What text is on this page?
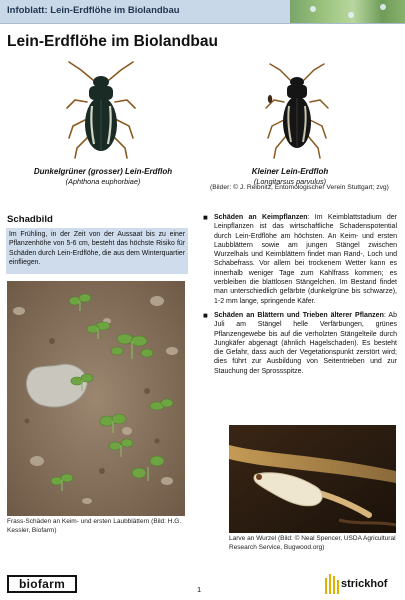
Infoblatt: Lein-Erdflöhe im Biolandbau
Lein-Erdflöhe im Biolandbau
Dunkelgrüner (grosser) Lein-Erdfloh
(Aphthona euphorbiae)
Kleiner Lein-Erdfloh
(Longitarsus parvulus)
(Bilder: © J. Reibnitz, Entomologischer Verein Stuttgart; zvg)
Schadbild
Im Frühling, in der Zeit von der Aussaat bis zu einer Pflanzenhöhe von 5-6 cm, besteht das höchste Risiko für Schäden durch Lein-Erdflöhe, die aus dem Winterquartier einfliegen.
Frass-Schäden an Keim- und ersten Laubblättern (Bild: H.G. Kessler, Biofarm)
■ Schäden an Keimpflanzen: Im Keimblattstadium der Leinpflanzen ist das wirtschaftliche Schadenspotential durch Lein-Erdflöhe am höchsten. An Keim- und ersten Laubblättern sowie am jungen Stängel zwischen Wurzelhals und Keimblättern findet man Rand-, Loch und Schabefrass. Vor allem bei trockenem Wetter kann es innerhalb weniger Tage zum Kahlfrass kommen; es verbleiben die blattlosen Stängelchen. Im Bestand findet man unterschiedlich gefärbte (dunkelgrüne bis schwarze), 1-2 mm lange, springende Käfer.
■ Schäden an Blättern und Trieben älterer Pflanzen: Ab Juli am Stängel helle Verfärbungen, grünes Pflanzengewebe bis auf die verholzten Stängelteile durch Jungkäfer abgenagt (ähnlich Hagelschaden). Es besteht die Gefahr, dass auch der Vegetationspunkt zerstört wird; dies führt zur Ausbildung von Seitentrieben und zur Stauchung der Sprossspitze.
Larve an Wurzel (Bild: © Neal Spencer, USDA Agricultural Research Service, Bugwood.org)
biofarm	1	strickhof
